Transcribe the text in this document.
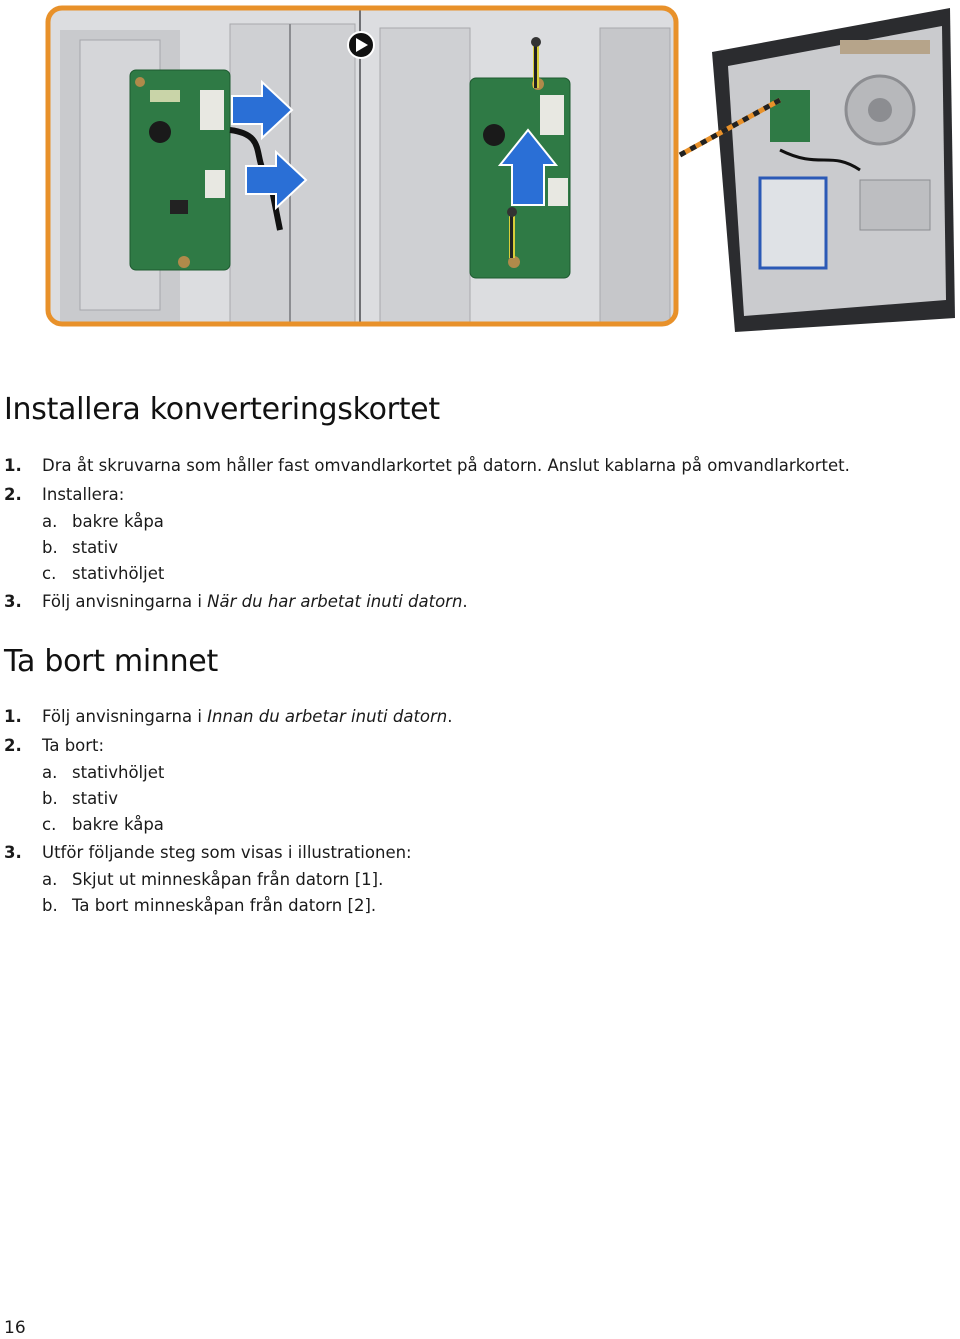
Installera konverteringskortet
1.	Dra åt skruvarna som håller fast omvandlarkortet på datorn. Anslut kablarna på omvandlarkortet.
2.	Installera:
a. bakre kåpa
b. stativ
c. stativhöljet
3.	Följ anvisningarna i När du har arbetat inuti datorn.
Ta bort minnet
1.	Följ anvisningarna i Innan du arbetar inuti datorn.
2.	Ta bort:
a. stativhöljet
b. stativ
c. bakre kåpa
3.	Utför följande steg som visas i illustrationen:
a. Skjut ut minneskåpan från datorn [1].
b. Ta bort minneskåpan från datorn [2].
16
